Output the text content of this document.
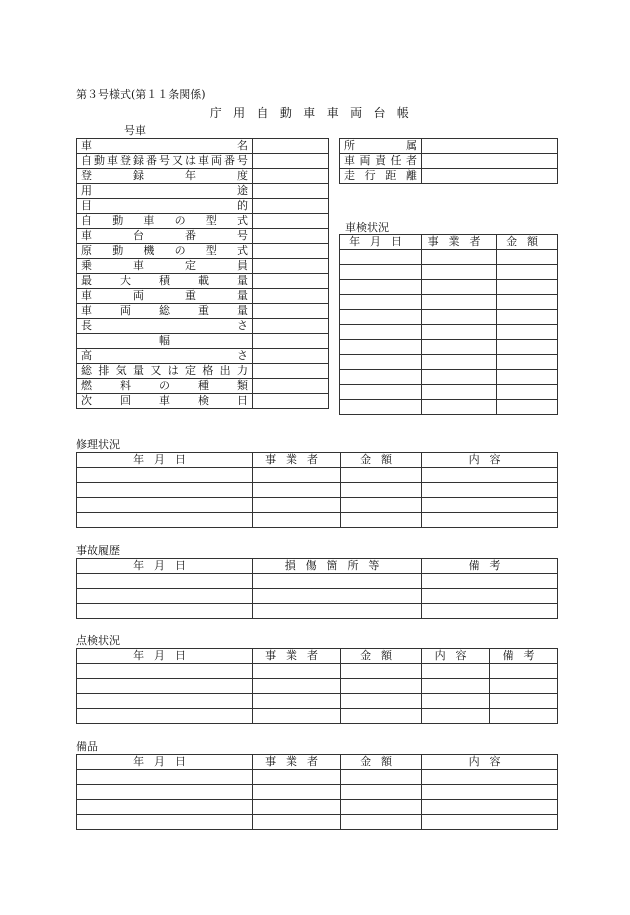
第３号様式(第１１条関係)
庁用自動車車両台帳
号車
車名	
自動車登録番号又は車両番号	
登録年度	
用途	
目的	
自動車の型式	
車台番号	
原動機の型式	
乗車定員	
最大積載量	
車両重量	
車両総重量	
長さ	
幅	
高さ	
総排気量又は定格出力	
燃料の種類	
次回車検日	
所属	
車両責任者	
走行距離	
車検状況
年月日	事業者	金額

修理状況
年月日	事業者	金額	内容

事故履歴
年月日	損傷箇所等	備考

点検状況
年月日	事業者	金額	内容	備考

備品
年月日	事業者	金額	内容
